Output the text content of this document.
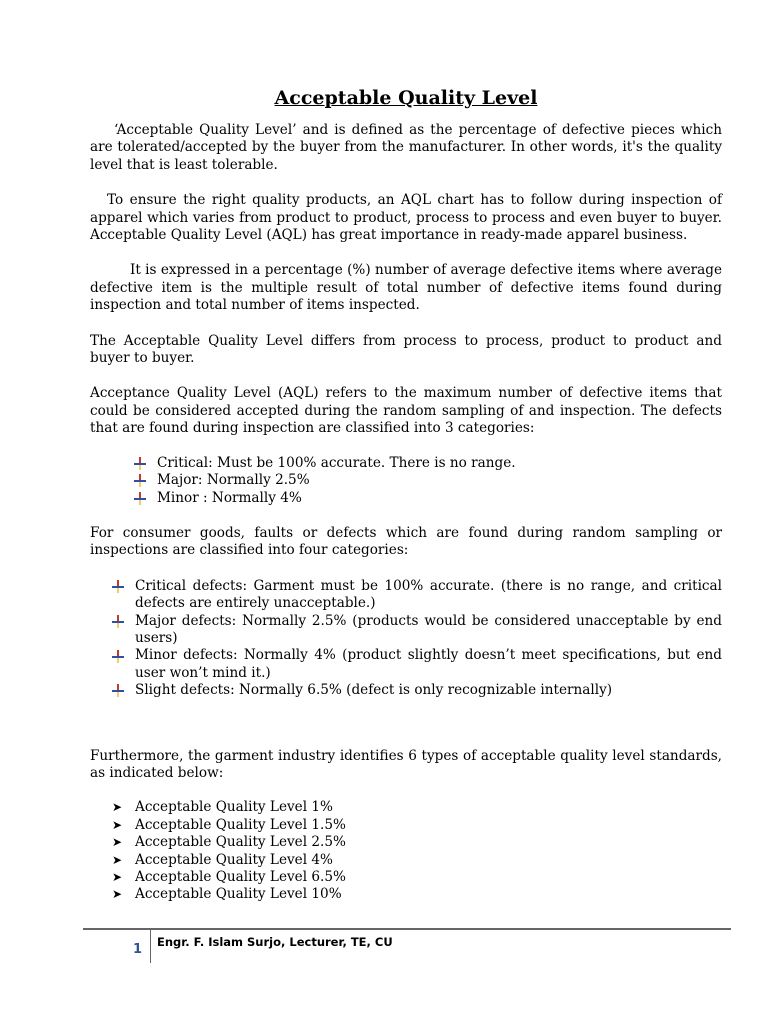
Acceptable Quality Level

‘Acceptable Quality Level’ and is defined as the percentage of defective pieces which are tolerated/accepted by the buyer from the manufacturer. In other words, it's the quality level that is least tolerable.

To ensure the right quality products, an AQL chart has to follow during inspection of apparel which varies from product to product, process to process and even buyer to buyer. Acceptable Quality Level (AQL) has great importance in ready-made apparel business.

It is expressed in a percentage (%) number of average defective items where average defective item is the multiple result of total number of defective items found during inspection and total number of items inspected.

The Acceptable Quality Level differs from process to process, product to product and buyer to buyer.

Acceptance Quality Level (AQL) refers to the maximum number of defective items that could be considered accepted during the random sampling of and inspection. The defects that are found during inspection are classified into 3 categories:

Critical: Must be 100% accurate. There is no range.
Major: Normally 2.5%
Minor : Normally 4%

For consumer goods, faults or defects which are found during random sampling or inspections are classified into four categories:

Critical defects: Garment must be 100% accurate. (there is no range, and critical defects are entirely unacceptable.)
Major defects: Normally 2.5% (products would be considered unacceptable by end users)
Minor defects: Normally 4% (product slightly doesn’t meet specifications, but end user won’t mind it.)
Slight defects: Normally 6.5% (defect is only recognizable internally)

Furthermore, the garment industry identifies 6 types of acceptable quality level standards, as indicated below:

➤ Acceptable Quality Level 1%
➤ Acceptable Quality Level 1.5%
➤ Acceptable Quality Level 2.5%
➤ Acceptable Quality Level 4%
➤ Acceptable Quality Level 6.5%
➤ Acceptable Quality Level 10%
1 Engr. F. Islam Surjo, Lecturer, TE, CU
